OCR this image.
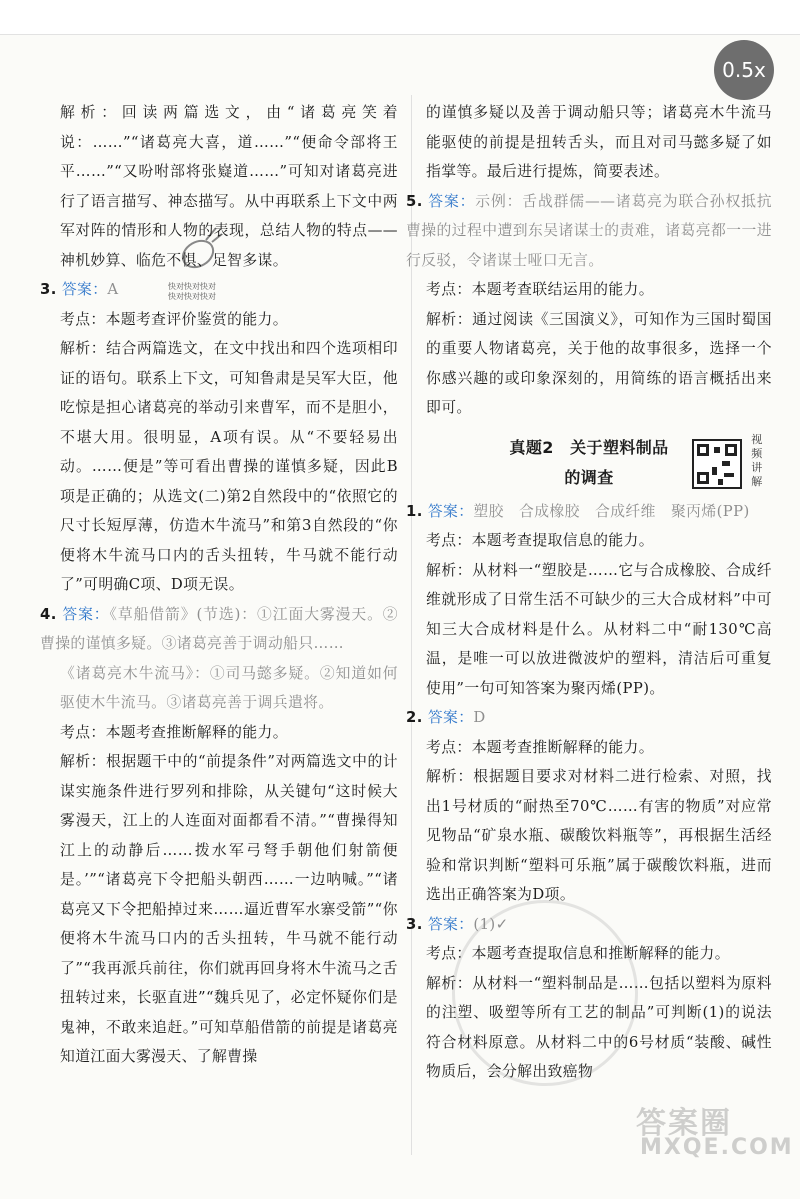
0.5x
快对快对快对
快对快对快对

解析：回读两篇选文，由“诸葛亮笑着说：……”“诸葛亮大喜，道……”“便命令部将王平……”“又吩咐部将张嶷道……”可知对诸葛亮进行了语言描写、神态描写。从中再联系上下文中两军对阵的情形和人物的表现，总结人物的特点——神机妙算、临危不惧、足智多谋。

3. 答案：A

考点：本题考查评价鉴赏的能力。

解析：结合两篇选文，在文中找出和四个选项相印证的语句。联系上下文，可知鲁肃是吴军大臣，他吃惊是担心诸葛亮的举动引来曹军，而不是胆小，不堪大用。很明显，A项有误。从“不要轻易出动。……便是”等可看出曹操的谨慎多疑，因此B项是正确的；从选文(二)第2自然段中的“依照它的尺寸长短厚薄，仿造木牛流马”和第3自然段的“你便将木牛流马口内的舌头扭转，牛马就不能行动了”可明确C项、D项无误。

4. 答案：《草船借箭》(节选)：①江面大雾漫天。②曹操的谨慎多疑。③诸葛亮善于调动船只……

《诸葛亮木牛流马》：①司马懿多疑。②知道如何驱使木牛流马。③诸葛亮善于调兵遣将。

考点：本题考查推断解释的能力。

解析：根据题干中的“前提条件”对两篇选文中的计谋实施条件进行罗列和排除，从关键句“这时候大雾漫天，江上的人连面对面都看不清。”“曹操得知江上的动静后……拨水军弓弩手朝他们射箭便是。’”“诸葛亮下令把船头朝西……一边呐喊。”“诸葛亮又下令把船掉过来……逼近曹军水寨受箭”“你便将木牛流马口内的舌头扭转，牛马就不能行动了”“我再派兵前往，你们就再回身将木牛流马之舌扭转过来，长驱直进”“魏兵见了，必定怀疑你们是鬼神，不敢来追赶。”可知草船借箭的前提是诸葛亮知道江面大雾漫天、了解曹操

的谨慎多疑以及善于调动船只等；诸葛亮木牛流马能驱使的前提是扭转舌头，而且对司马懿多疑了如指掌等。最后进行提炼，简要表述。

5. 答案：示例：舌战群儒——诸葛亮为联合孙权抵抗曹操的过程中遭到东吴诸谋士的责难，诸葛亮都一一进行反驳，令诸谋士哑口无言。

考点：本题考查联结运用的能力。

解析：通过阅读《三国演义》，可知作为三国时蜀国的重要人物诸葛亮，关于他的故事很多，选择一个你感兴趣的或印象深刻的，用简练的语言概括出来即可。

真题2　关于塑料制品
的调查
视频讲解

1. 答案：塑胶　合成橡胶　合成纤维　聚丙烯(PP)

考点：本题考查提取信息的能力。

解析：从材料一“塑胶是……它与合成橡胶、合成纤维就形成了日常生活不可缺少的三大合成材料”中可知三大合成材料是什么。从材料二中“耐130℃高温，是唯一可以放进微波炉的塑料，清洁后可重复使用”一句可知答案为聚丙烯(PP)。

2. 答案：D

考点：本题考查推断解释的能力。

解析：根据题目要求对材料二进行检索、对照，找出1号材质的“耐热至70℃……有害的物质”对应常见物品“矿泉水瓶、碳酸饮料瓶等”，再根据生活经验和常识判断“塑料可乐瓶”属于碳酸饮料瓶，进而选出正确答案为D项。

3. 答案：(1)✓

考点：本题考查提取信息和推断解释的能力。

解析：从材料一“塑料制品是……包括以塑料为原料的注塑、吸塑等所有工艺的制品”可判断(1)的说法符合材料原意。从材料二中的6号材质“装酸、碱性物质后，会分解出致癌物

答案圈
MXQE.COM
